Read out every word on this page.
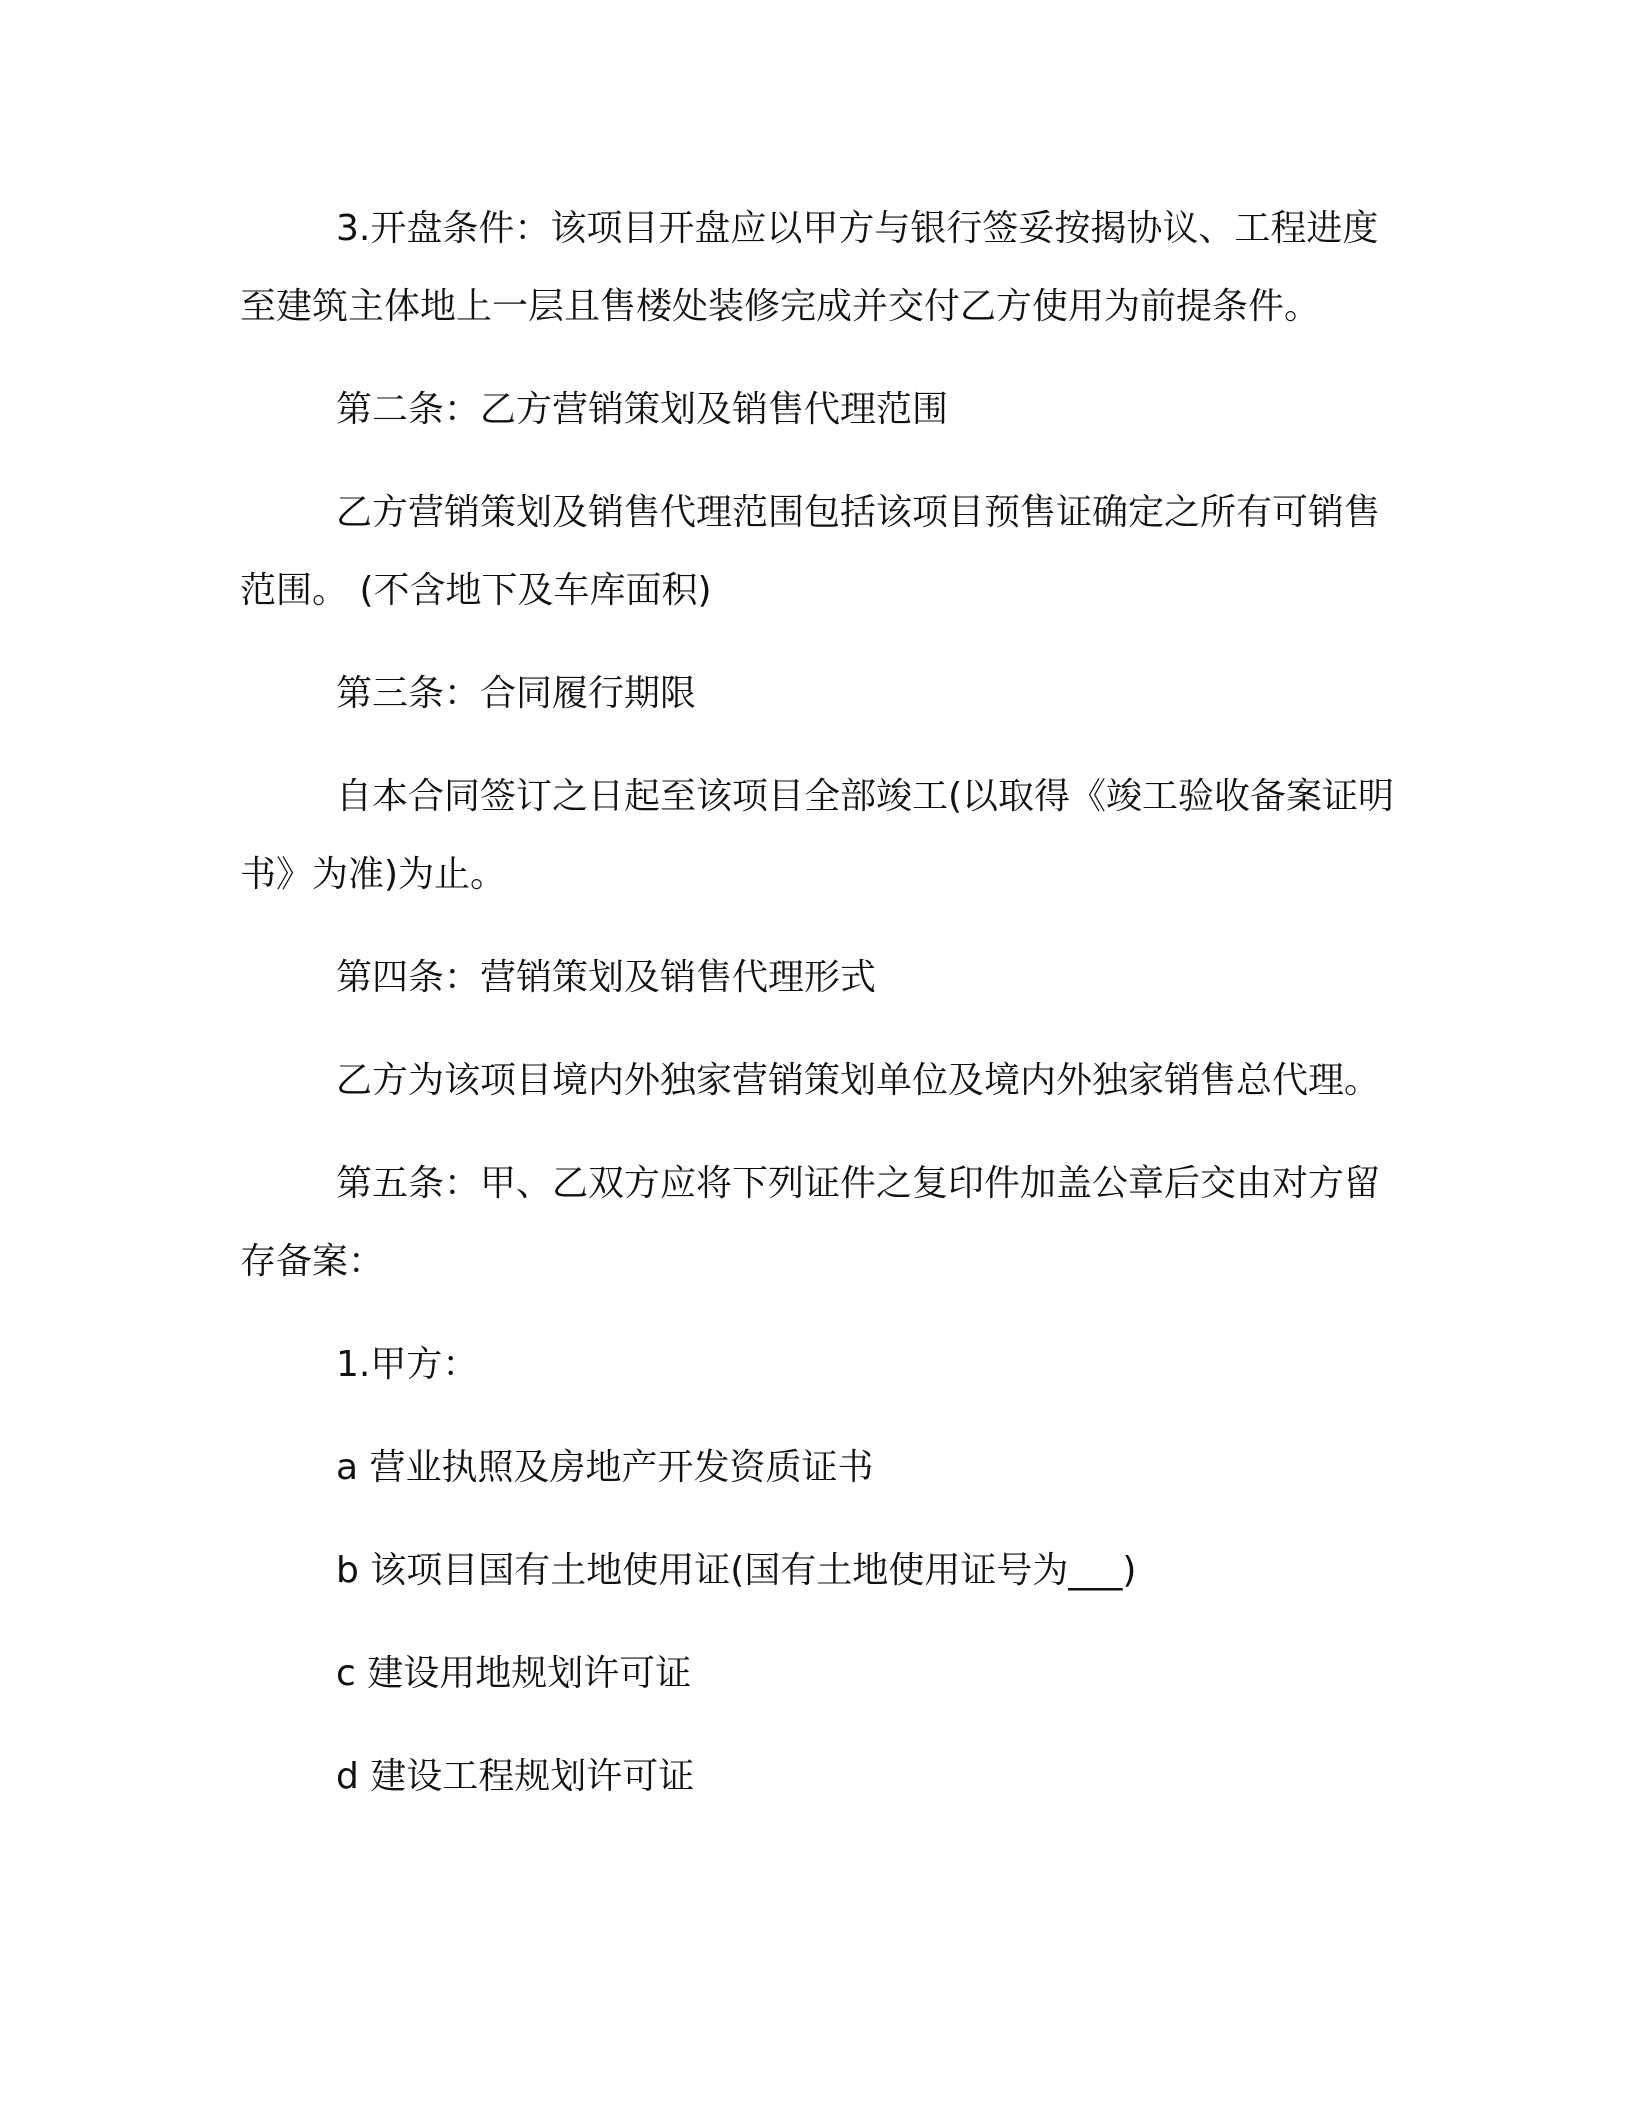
3.开盘条件：该项目开盘应以甲方与银行签妥按揭协议、工程进度至建筑主体地上一层且售楼处装修完成并交付乙方使用为前提条件。

第二条：乙方营销策划及销售代理范围

乙方营销策划及销售代理范围包括该项目预售证确定之所有可销售范围。 (不含地下及车库面积)

第三条：合同履行期限

自本合同签订之日起至该项目全部竣工(以取得《竣工验收备案证明书》为准)为止。

第四条：营销策划及销售代理形式

乙方为该项目境内外独家营销策划单位及境内外独家销售总代理。

第五条：甲、乙双方应将下列证件之复印件加盖公章后交由对方留存备案：

1.甲方：

a 营业执照及房地产开发资质证书

b 该项目国有土地使用证(国有土地使用证号为___)

c 建设用地规划许可证

d 建设工程规划许可证
